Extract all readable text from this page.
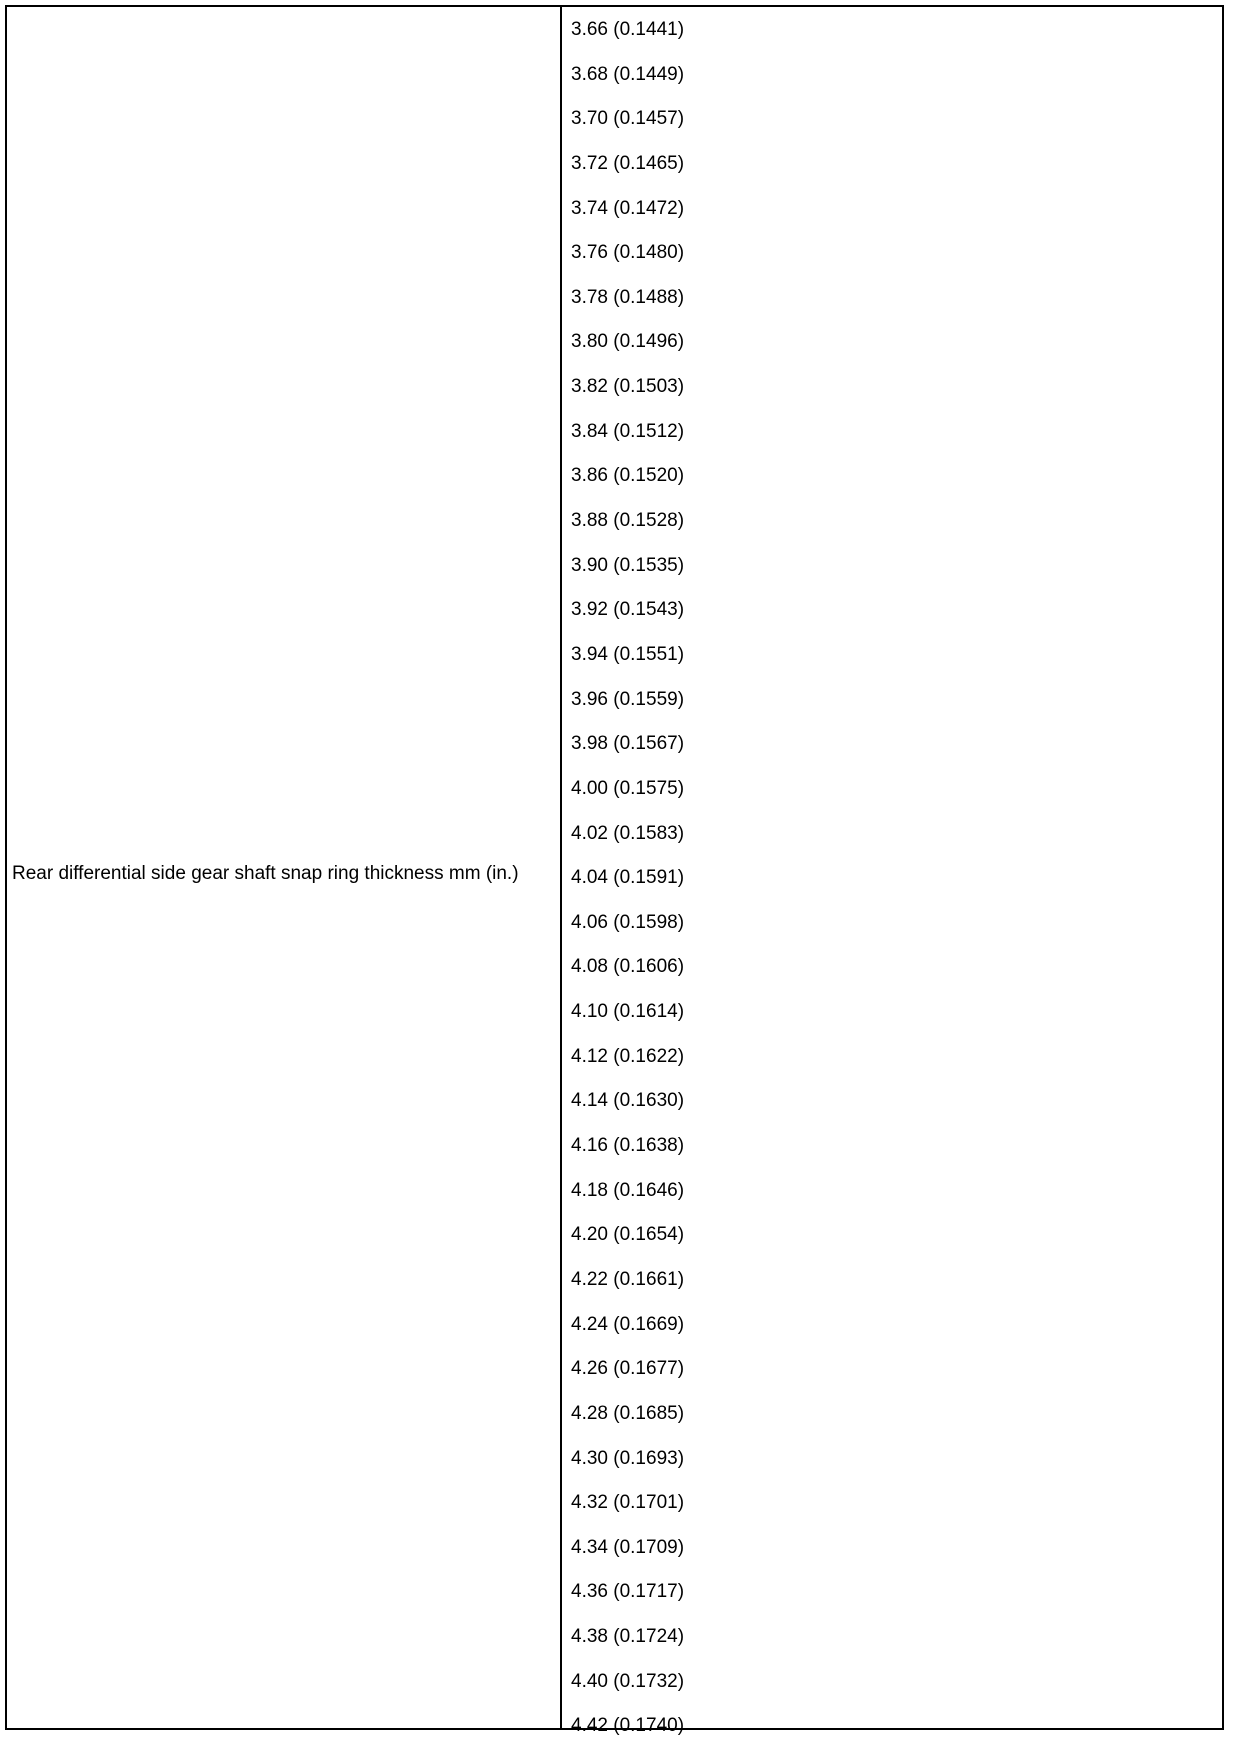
Rear differential side gear shaft snap ring thickness mm (in.)
3.66 (0.1441)
3.68 (0.1449)
3.70 (0.1457)
3.72 (0.1465)
3.74 (0.1472)
3.76 (0.1480)
3.78 (0.1488)
3.80 (0.1496)
3.82 (0.1503)
3.84 (0.1512)
3.86 (0.1520)
3.88 (0.1528)
3.90 (0.1535)
3.92 (0.1543)
3.94 (0.1551)
3.96 (0.1559)
3.98 (0.1567)
4.00 (0.1575)
4.02 (0.1583)
4.04 (0.1591)
4.06 (0.1598)
4.08 (0.1606)
4.10 (0.1614)
4.12 (0.1622)
4.14 (0.1630)
4.16 (0.1638)
4.18 (0.1646)
4.20 (0.1654)
4.22 (0.1661)
4.24 (0.1669)
4.26 (0.1677)
4.28 (0.1685)
4.30 (0.1693)
4.32 (0.1701)
4.34 (0.1709)
4.36 (0.1717)
4.38 (0.1724)
4.40 (0.1732)
4.42 (0.1740)
